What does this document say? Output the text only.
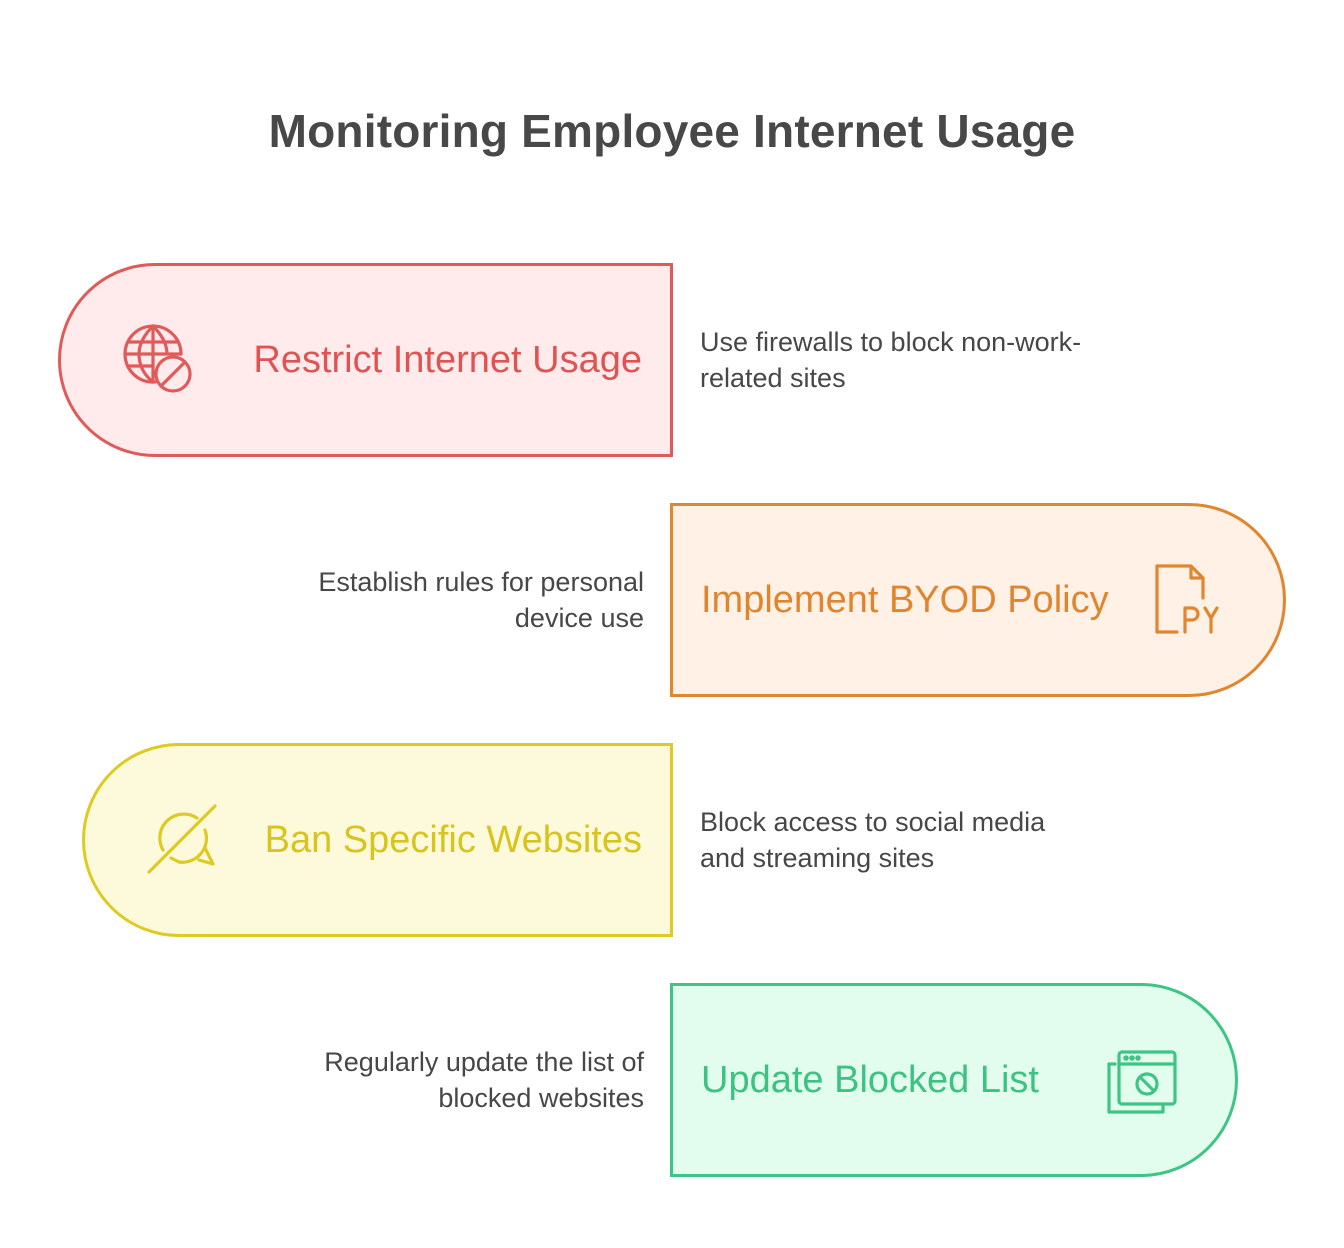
Monitoring Employee Internet Usage
Restrict Internet Usage Use firewalls to block non-work-
related sites
Implement BYOD Policy
Establish rules for personal
device use
Ban Specific Websites Block access to social media
and streaming sites
Update Blocked List
Regularly update the list of
blocked websites
